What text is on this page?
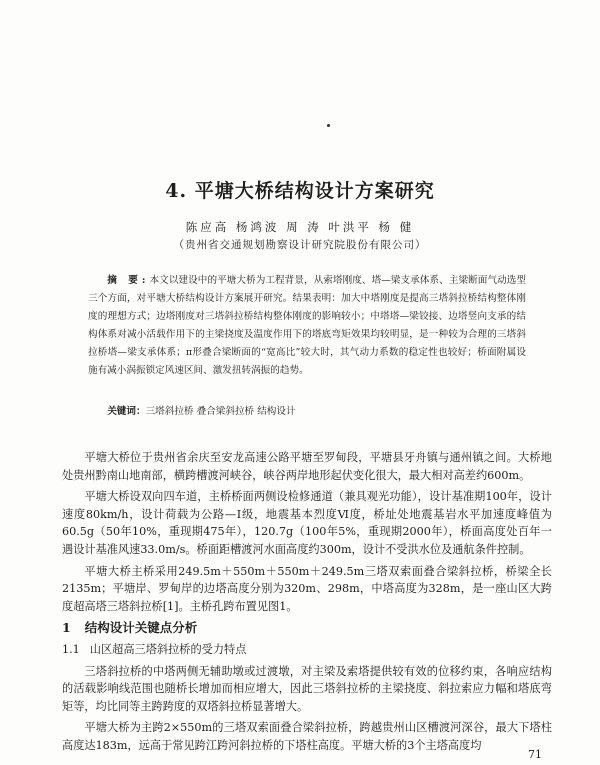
4. 平塘大桥结构设计方案研究
陈应高 杨鸿波 周 涛 叶洪平 杨 健
（贵州省交通规划勘察设计研究院股份有限公司）

摘 要:本文以建设中的平塘大桥为工程背景，从索塔刚度、塔—梁支承体系、主梁断面气动选型三个方面，对平塘大桥结构设计方案展开研究。结果表明：加大中塔刚度是提高三塔斜拉桥结构整体刚度的理想方式；边塔刚度对三塔斜拉桥结构整体刚度的影响较小；中塔塔—梁铰接、边塔竖向支承的结构体系对减小活载作用下的主梁挠度及温度作用下的塔底弯矩效果均较明显，是一种较为合理的三塔斜拉桥塔—梁支承体系；π形叠合梁断面的“宽高比”较大时，其气动力系数的稳定性也较好；桥面附属设施有减小涡振锁定风速区间、激发扭转涡振的趋势。

关键词：三塔斜拉桥 叠合梁斜拉桥 结构设计

平塘大桥位于贵州省余庆至安龙高速公路平塘至罗甸段，平塘县牙舟镇与通州镇之间。大桥地处贵州黔南山地南部，横跨槽渡河峡谷，峡谷两岸地形起伏变化很大，最大相对高差约600m。

平塘大桥设双向四车道，主桥桥面两侧设检修通道（兼具观光功能），设计基准期100年，设计速度80km/h，设计荷载为公路—Ⅰ级，地震基本烈度Ⅵ度，桥址处地震基岩水平加速度峰值为60.5g（50年10%，重现期475年），120.7g（100年5%，重现期2000年），桥面高度处百年一遇设计基准风速33.0m/s。桥面距槽渡河水面高度约300m，设计不受洪水位及通航条件控制。

平塘大桥主桥采用249.5m＋550m＋550m＋249.5m三塔双索面叠合梁斜拉桥，桥梁全长2135m；平塘岸、罗甸岸的边塔高度分别为320m、298m，中塔高度为328m，是一座山区大跨度超高塔三塔斜拉桥[1]。主桥孔跨布置见图1。

1 结构设计关键点分析

1.1 山区超高三塔斜拉桥的受力特点

三塔斜拉桥的中塔两侧无辅助墩或过渡墩，对主梁及索塔提供较有效的位移约束，各响应结构的活载影响线范围也随桥长增加而相应增大，因此三塔斜拉桥的主梁挠度、斜拉索应力幅和塔底弯矩等，均比同等主跨跨度的双塔斜拉桥显著增大。

平塘大桥为主跨2×550m的三塔双索面叠合梁斜拉桥，跨越贵州山区槽渡河深谷，最大下塔柱高度达183m，远高于常见跨江跨河斜拉桥的下塔柱高度。平塘大桥的3个主塔高度均

71
